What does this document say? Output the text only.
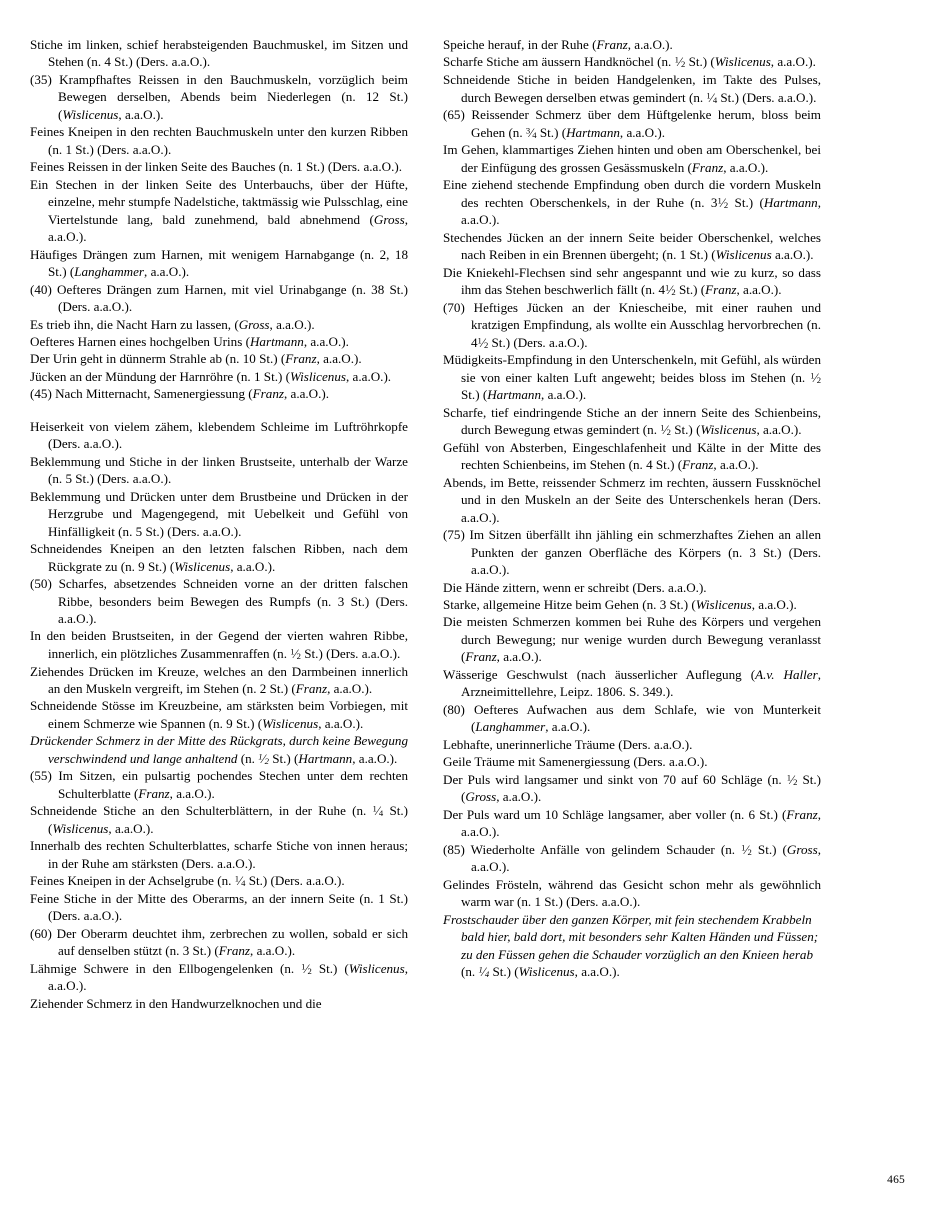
Stiche im linken, schief herabsteigenden Bauchmuskel, im Sitzen und Stehen (n. 4 St.) (Ders. a.a.O.).

(35) Krampfhaftes Reissen in den Bauchmuskeln, vorzüglich beim Bewegen derselben, Abends beim Niederlegen (n. 12 St.) (Wislicenus, a.a.O.).

Feines Kneipen in den rechten Bauchmuskeln unter den kurzen Ribben (n. 1 St.) (Ders. a.a.O.).

Feines Reissen in der linken Seite des Bauches (n. 1 St.) (Ders. a.a.O.).

Ein Stechen in der linken Seite des Unterbauchs, über der Hüfte, einzelne, mehr stumpfe Nadelstiche, taktmässig wie Pulsschlag, eine Viertelstunde lang, bald zunehmend, bald abnehmend (Gross, a.a.O.).

Häufiges Drängen zum Harnen, mit wenigem Harnabgange (n. 2, 18 St.) (Langhammer, a.a.O.).

(40) Oefteres Drängen zum Harnen, mit viel Urinabgange (n. 38 St.) (Ders. a.a.O.).

Es trieb ihn, die Nacht Harn zu lassen, (Gross, a.a.O.).

Oefteres Harnen eines hochgelben Urins (Hartmann, a.a.O.).

Der Urin geht in dünnerm Strahle ab (n. 10 St.) (Franz, a.a.O.).

Jücken an der Mündung der Harnröhre (n. 1 St.) (Wislicenus, a.a.O.).

(45) Nach Mitternacht, Samenergiessung (Franz, a.a.O.).

Heiserkeit von vielem zähem, klebendem Schleime im Luftröhrkopfe (Ders. a.a.O.).

Beklemmung und Stiche in der linken Brustseite, unterhalb der Warze (n. 5 St.) (Ders. a.a.O.).

Beklemmung und Drücken unter dem Brustbeine und Drücken in der Herzgrube und Magengegend, mit Uebelkeit und Gefühl von Hinfälligkeit (n. 5 St.) (Ders. a.a.O.).

Schneidendes Kneipen an den letzten falschen Ribben, nach dem Rückgrate zu (n. 9 St.) (Wislicenus, a.a.O.).

(50) Scharfes, absetzendes Schneiden vorne an der dritten falschen Ribbe, besonders beim Bewegen des Rumpfs (n. 3 St.) (Ders. a.a.O.).

In den beiden Brustseiten, in der Gegend der vierten wahren Ribbe, innerlich, ein plötzliches Zusammenraffen (n. $^1⁄_2$ St.) (Ders. a.a.O.).

Ziehendes Drücken im Kreuze, welches an den Darmbeinen innerlich an den Muskeln vergreift, im Stehen (n. 2 St.) (Franz, a.a.O.).

Schneidende Stösse im Kreuzbeine, am stärksten beim Vorbiegen, mit einem Schmerze wie Spannen (n. 9 St.) (Wislicenus, a.a.O.).

Drückender Schmerz in der Mitte des Rückgrats, durch keine Bewegung verschwindend und lange anhaltend (n. $^1⁄_2$ St.) (Hartmann, a.a.O.).

(55) Im Sitzen, ein pulsartig pochendes Stechen unter dem rechten Schulterblatte (Franz, a.a.O.).

Schneidende Stiche an den Schulterblättern, in der Ruhe (n. $^1⁄_4$ St.) (Wislicenus, a.a.O.).

Innerhalb des rechten Schulterblattes, scharfe Stiche von innen heraus; in der Ruhe am stärksten (Ders. a.a.O.).

Feines Kneipen in der Achselgrube (n. $^1⁄_4$ St.) (Ders. a.a.O.).

Feine Stiche in der Mitte des Oberarms, an der innern Seite (n. 1 St.) (Ders. a.a.O.).

(60) Der Oberarm deuchtet ihm, zerbrechen zu wollen, sobald er sich auf denselben stützt (n. 3 St.) (Franz, a.a.O.).

Lähmige Schwere in den Ellbogengelenken (n. $^1⁄_2$ St.) (Wislicenus, a.a.O.).

Ziehender Schmerz in den Handwurzelknochen und die

Speiche herauf, in der Ruhe (Franz, a.a.O.).

Scharfe Stiche am äussern Handknöchel (n. $^1⁄_2$ St.) (Wislicenus, a.a.O.).

Schneidende Stiche in beiden Handgelenken, im Takte des Pulses, durch Bewegen derselben etwas gemindert (n. $^1⁄_4$ St.) (Ders. a.a.O.).

(65) Reissender Schmerz über dem Hüftgelenke herum, bloss beim Gehen (n. $^3⁄_4$ St.) (Hartmann, a.a.O.).

Im Gehen, klammartiges Ziehen hinten und oben am Oberschenkel, bei der Einfügung des grossen Gesässmuskeln (Franz, a.a.O.).

Eine ziehend stechende Empfindung oben durch die vordern Muskeln des rechten Oberschenkels, in der Ruhe (n. $3^1⁄_2$ St.) (Hartmann, a.a.O.).

Stechendes Jücken an der innern Seite beider Oberschenkel, welches nach Reiben in ein Brennen übergeht; (n. 1 St.) (Wislicenus a.a.O.).

Die Kniekehl-Flechsen sind sehr angespannt und wie zu kurz, so dass ihm das Stehen beschwerlich fällt (n. $4^1⁄_2$ St.) (Franz, a.a.O.).

(70) Heftiges Jücken an der Kniescheibe, mit einer rauhen und kratzigen Empfindung, als wollte ein Ausschlag hervorbrechen (n. $4^1⁄_2$ St.) (Ders. a.a.O.).

Müdigkeits-Empfindung in den Unterschenkeln, mit Gefühl, als würden sie von einer kalten Luft angeweht; beides bloss im Stehen (n. $^1⁄_2$ St.) (Hartmann, a.a.O.).

Scharfe, tief eindringende Stiche an der innern Seite des Schienbeins, durch Bewegung etwas gemindert (n. $^1⁄_2$ St.) (Wislicenus, a.a.O.).

Gefühl von Absterben, Eingeschlafenheit und Kälte in der Mitte des rechten Schienbeins, im Stehen (n. 4 St.) (Franz, a.a.O.).

Abends, im Bette, reissender Schmerz im rechten, äussern Fussknöchel und in den Muskeln an der Seite des Unterschenkels heran (Ders. a.a.O.).

(75) Im Sitzen überfällt ihn jähling ein schmerzhaftes Ziehen an allen Punkten der ganzen Oberfläche des Körpers (n. 3 St.) (Ders. a.a.O.).

Die Hände zittern, wenn er schreibt (Ders. a.a.O.).

Starke, allgemeine Hitze beim Gehen (n. 3 St.) (Wislicenus, a.a.O.).

Die meisten Schmerzen kommen bei Ruhe des Körpers und vergehen durch Bewegung; nur wenige wurden durch Bewegung veranlasst (Franz, a.a.O.).

Wässerige Geschwulst (nach äusserlicher Auflegung (A.v. Haller, Arzneimittellehre, Leipz. 1806. S. 349.).

(80) Oefteres Aufwachen aus dem Schlafe, wie von Munterkeit (Langhammer, a.a.O.).

Lebhafte, unerinnerliche Träume (Ders. a.a.O.).

Geile Träume mit Samenergiessung (Ders. a.a.O.).

Der Puls wird langsamer und sinkt von 70 auf 60 Schläge (n. $^1⁄_2$ St.) (Gross, a.a.O.).

Der Puls ward um 10 Schläge langsamer, aber voller (n. 6 St.) (Franz, a.a.O.).

(85) Wiederholte Anfälle von gelindem Schauder (n. $^1⁄_2$ St.) (Gross, a.a.O.).

Gelindes Frösteln, während das Gesicht schon mehr als gewöhnlich warm war (n. 1 St.) (Ders. a.a.O.).

Frostschauder über den ganzen Körper, mit fein stechendem Krabbeln bald hier, bald dort, mit besonders sehr Kalten Händen und Füssen; zu den Füssen gehen die Schauder vorzüglich an den Knieen herab (n. $^1⁄_4$ St.) (Wislicenus, a.a.O.).

465
